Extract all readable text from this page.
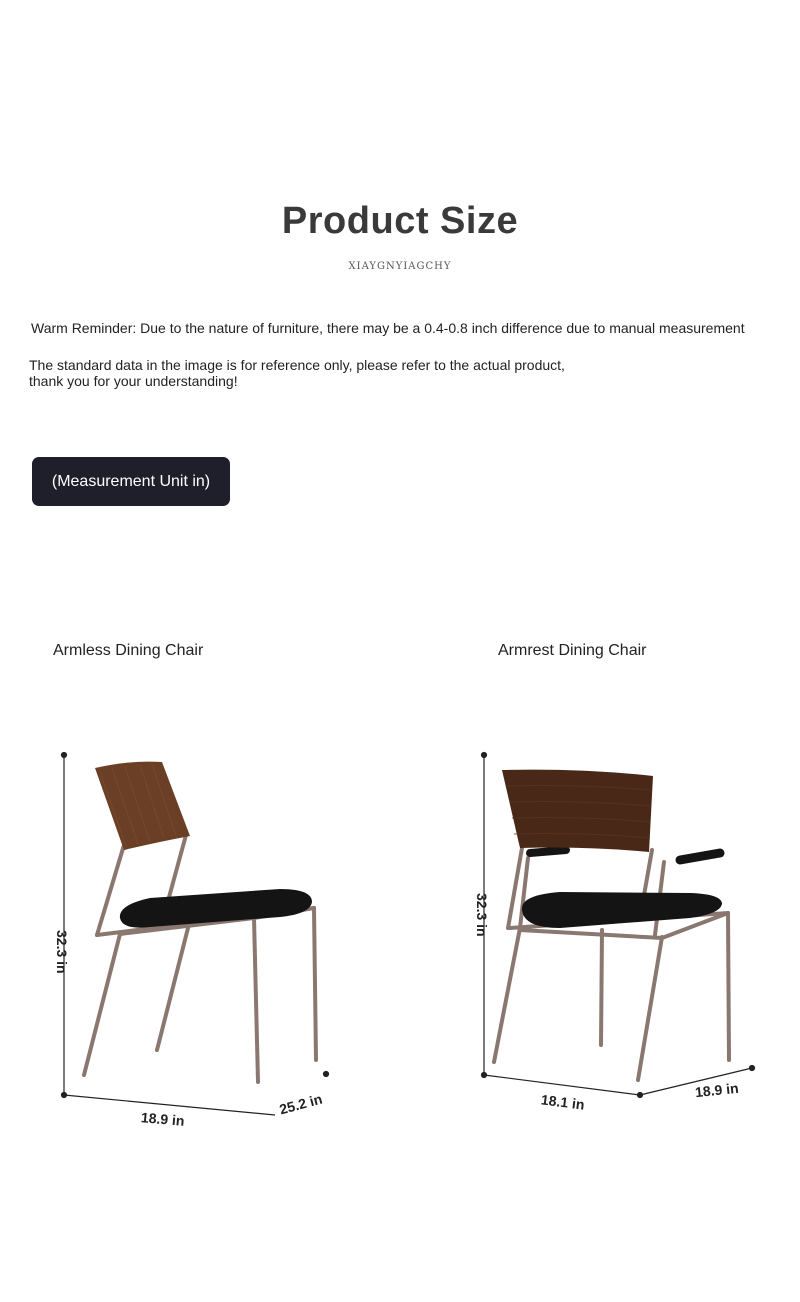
Product Size
XIAYGNYIAGCHY
Warm Reminder: Due to the nature of furniture, there may be a 0.4-0.8 inch difference due to manual measurement
The standard data in the image is for reference only, please refer to the actual product,
thank you for your understanding!
(Measurement Unit in)
Armless Dining Chair	Armrest Dining Chair
32.3 in
18.9 in
25.2 in
32.3 in
18.1 in
18.9 in
